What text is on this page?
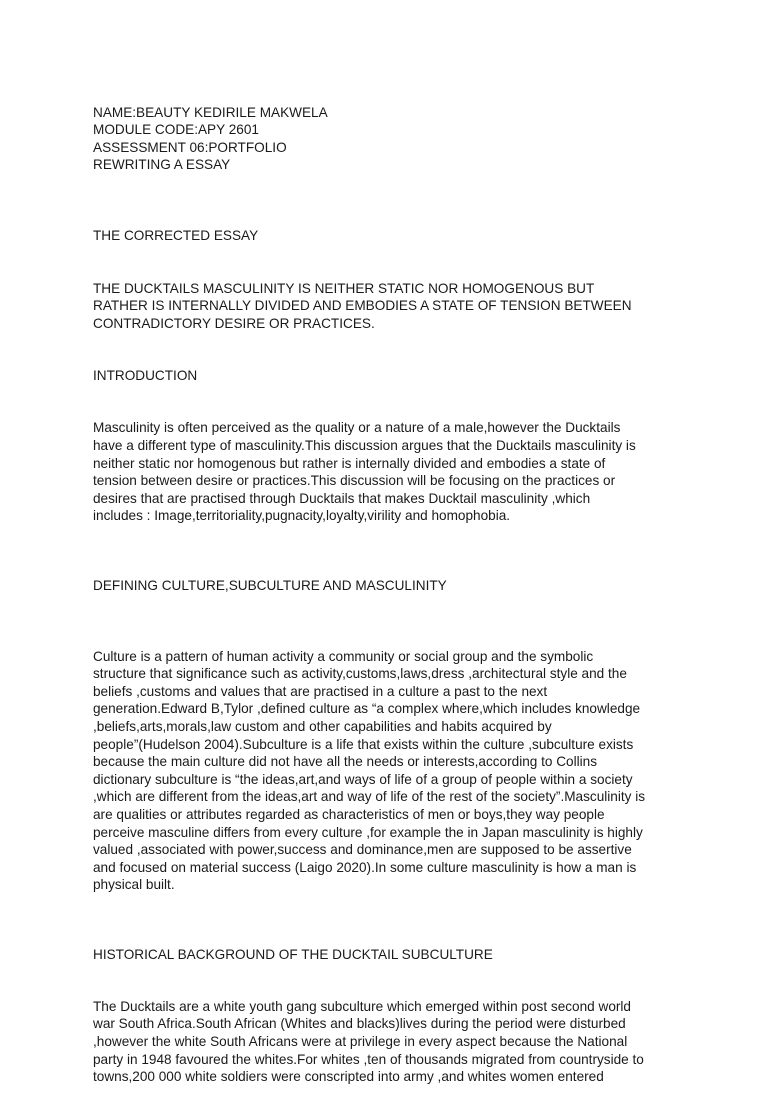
NAME:BEAUTY KEDIRILE MAKWELA
MODULE CODE:APY 2601
ASSESSMENT 06:PORTFOLIO
REWRITING A ESSAY

THE CORRECTED ESSAY

THE DUCKTAILS MASCULINITY IS NEITHER STATIC NOR HOMOGENOUS BUT
RATHER IS INTERNALLY DIVIDED AND EMBODIES A STATE OF TENSION BETWEEN
CONTRADICTORY DESIRE OR PRACTICES.

INTRODUCTION

Masculinity is often perceived as the quality or a nature of a male,however the Ducktails
have a different type of masculinity.This discussion argues that the Ducktails masculinity is
neither static nor homogenous but rather is internally divided and embodies a state of
tension between desire or practices.This discussion will be focusing on the practices or
desires that are practised through Ducktails that makes Ducktail masculinity ,which
includes : Image,territoriality,pugnacity,loyalty,virility and homophobia.

DEFINING CULTURE,SUBCULTURE AND MASCULINITY

Culture is a pattern of human activity a community or social group and the symbolic
structure that significance such as activity,customs,laws,dress ,architectural style and the
beliefs ,customs and values that are practised in a culture a past to the next
generation.Edward B,Tylor ,defined culture as “a complex where,which includes knowledge
,beliefs,arts,morals,law custom and other capabilities and habits acquired by
people”(Hudelson 2004).Subculture is a life that exists within the culture ,subculture exists
because the main culture did not have all the needs or interests,according to Collins
dictionary subculture is “the ideas,art,and ways of life of a group of people within a society
,which are different from the ideas,art and way of life of the rest of the society”.Masculinity is
are qualities or attributes regarded as characteristics of men or boys,they way people
perceive masculine differs from every culture ,for example the in Japan masculinity is highly
valued ,associated with power,success and dominance,men are supposed to be assertive
and focused on material success (Laigo 2020).In some culture masculinity is how a man is
physical built.

HISTORICAL BACKGROUND OF THE DUCKTAIL SUBCULTURE

The Ducktails are a white youth gang subculture which emerged within post second world
war South Africa.South African (Whites and blacks)lives during the period were disturbed
,however the white South Africans were at privilege in every aspect because the National
party in 1948 favoured the whites.For whites ,ten of thousands migrated from countryside to
towns,200 000 white soldiers were conscripted into army ,and whites women entered
